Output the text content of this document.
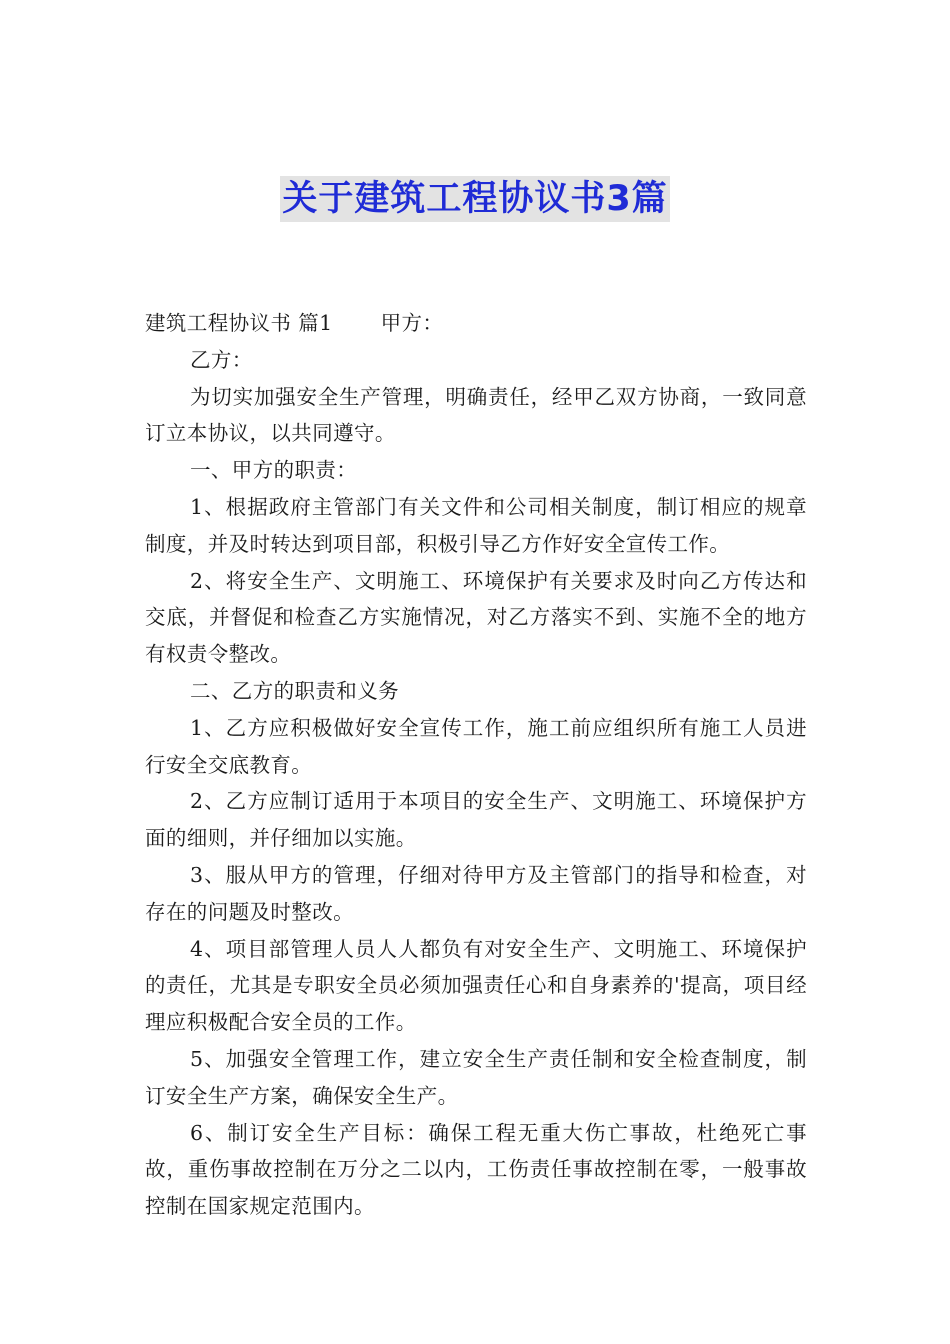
关于建筑工程协议书3篇
建筑工程协议书 篇1 甲方：

乙方：

为切实加强安全生产管理，明确责任，经甲乙双方协商，一致同意订立本协议，以共同遵守。

一、甲方的职责：

1、根据政府主管部门有关文件和公司相关制度，制订相应的规章制度，并及时转达到项目部，积极引导乙方作好安全宣传工作。

2、将安全生产、文明施工、环境保护有关要求及时向乙方传达和交底，并督促和检查乙方实施情况，对乙方落实不到、实施不全的地方有权责令整改。

二、乙方的职责和义务

1、乙方应积极做好安全宣传工作，施工前应组织所有施工人员进行安全交底教育。

2、乙方应制订适用于本项目的安全生产、文明施工、环境保护方面的细则，并仔细加以实施。

3、服从甲方的管理，仔细对待甲方及主管部门的指导和检查，对存在的问题及时整改。

4、项目部管理人员人人都负有对安全生产、文明施工、环境保护的责任，尤其是专职安全员必须加强责任心和自身素养的'提高，项目经理应积极配合安全员的工作。

5、加强安全管理工作，建立安全生产责任制和安全检查制度，制订安全生产方案，确保安全生产。

6、制订安全生产目标：确保工程无重大伤亡事故，杜绝死亡事故，重伤事故控制在万分之二以内，工伤责任事故控制在零，一般事故控制在国家规定范围内。
